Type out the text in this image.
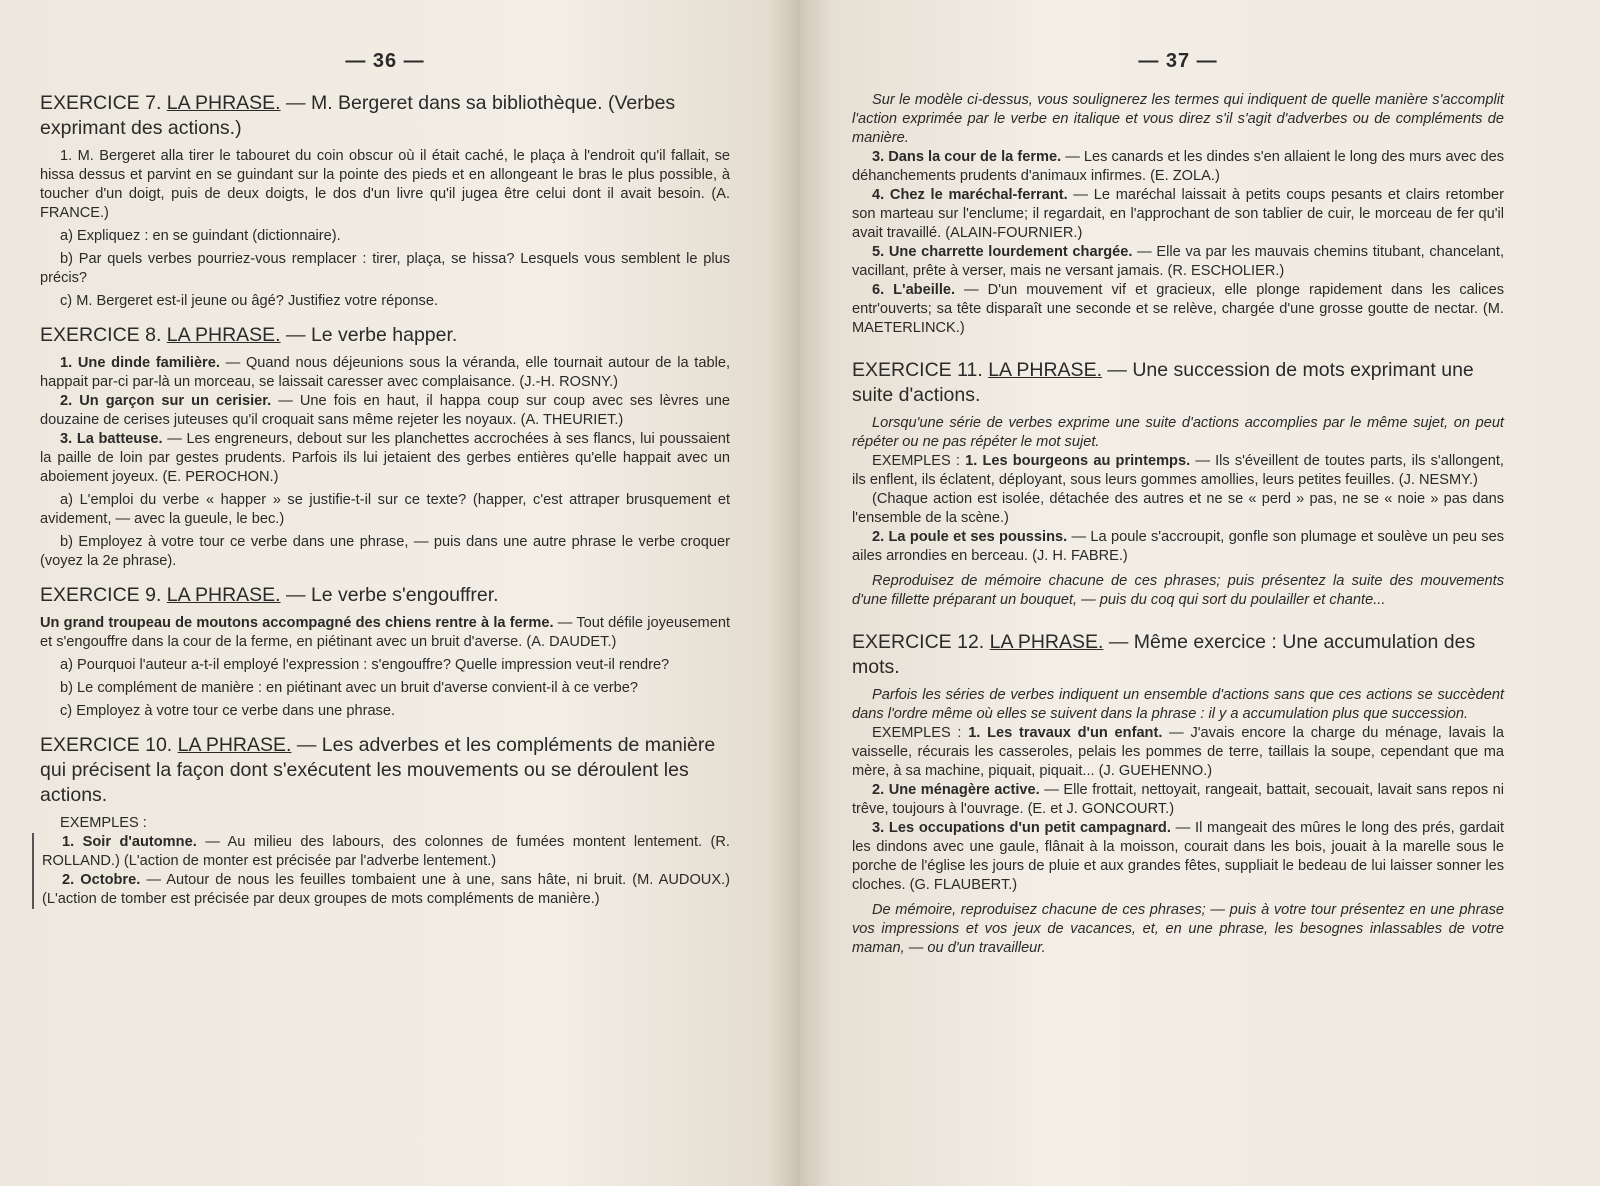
— 36 —
EXERCICE 7. LA PHRASE. — M. Bergeret dans sa bibliothèque. (Verbes exprimant des actions.)

1. M. Bergeret alla tirer le tabouret du coin obscur où il était caché, le plaça à l'endroit qu'il fallait, se hissa dessus et parvint en se guindant sur la pointe des pieds et en allongeant le bras le plus possible, à toucher d'un doigt, puis de deux doigts, le dos d'un livre qu'il jugea être celui dont il avait besoin. (A. FRANCE.)

a) Expliquez : en se guindant (dictionnaire).

b) Par quels verbes pourriez-vous remplacer : tirer, plaça, se hissa? Lesquels vous semblent le plus précis?

c) M. Bergeret est-il jeune ou âgé? Justifiez votre réponse.

EXERCICE 8. LA PHRASE. — Le verbe happer.

1. Une dinde familière. — Quand nous déjeunions sous la véranda, elle tournait autour de la table, happait par-ci par-là un morceau, se laissait caresser avec complaisance. (J.-H. ROSNY.)

2. Un garçon sur un cerisier. — Une fois en haut, il happa coup sur coup avec ses lèvres une douzaine de cerises juteuses qu'il croquait sans même rejeter les noyaux. (A. THEURIET.)

3. La batteuse. — Les engreneurs, debout sur les planchettes accrochées à ses flancs, lui poussaient la paille de loin par gestes prudents. Parfois ils lui jetaient des gerbes entières qu'elle happait avec un aboiement joyeux. (E. PEROCHON.)

a) L'emploi du verbe « happer » se justifie-t-il sur ce texte? (happer, c'est attraper brusquement et avidement, — avec la gueule, le bec.)

b) Employez à votre tour ce verbe dans une phrase, — puis dans une autre phrase le verbe croquer (voyez la 2e phrase).

EXERCICE 9. LA PHRASE. — Le verbe s'engouffrer.

Un grand troupeau de moutons accompagné des chiens rentre à la ferme. — Tout défile joyeusement et s'engouffre dans la cour de la ferme, en piétinant avec un bruit d'averse. (A. DAUDET.)

a) Pourquoi l'auteur a-t-il employé l'expression : s'engouffre? Quelle impression veut-il rendre?

b) Le complément de manière : en piétinant avec un bruit d'averse convient-il à ce verbe?

c) Employez à votre tour ce verbe dans une phrase.

EXERCICE 10. LA PHRASE. — Les adverbes et les compléments de manière qui précisent la façon dont s'exécutent les mouvements ou se déroulent les actions.

EXEMPLES :

1. Soir d'automne. — Au milieu des labours, des colonnes de fumées montent lentement. (R. ROLLAND.) (L'action de monter est précisée par l'adverbe lentement.)

2. Octobre. — Autour de nous les feuilles tombaient une à une, sans hâte, ni bruit. (M. AUDOUX.) (L'action de tomber est précisée par deux groupes de mots compléments de manière.)

— 37 —

Sur le modèle ci-dessus, vous soulignerez les termes qui indiquent de quelle manière s'accomplit l'action exprimée par le verbe en italique et vous direz s'il s'agit d'adverbes ou de compléments de manière.

3. Dans la cour de la ferme. — Les canards et les dindes s'en allaient le long des murs avec des déhanchements prudents d'animaux infirmes. (E. ZOLA.)

4. Chez le maréchal-ferrant. — Le maréchal laissait à petits coups pesants et clairs retomber son marteau sur l'enclume; il regardait, en l'approchant de son tablier de cuir, le morceau de fer qu'il avait travaillé. (ALAIN-FOURNIER.)

5. Une charrette lourdement chargée. — Elle va par les mauvais chemins titubant, chancelant, vacillant, prête à verser, mais ne versant jamais. (R. ESCHOLIER.)

6. L'abeille. — D'un mouvement vif et gracieux, elle plonge rapidement dans les calices entr'ouverts; sa tête disparaît une seconde et se relève, chargée d'une grosse goutte de nectar. (M. MAETERLINCK.)

EXERCICE 11. LA PHRASE. — Une succession de mots exprimant une suite d'actions.

Lorsqu'une série de verbes exprime une suite d'actions accomplies par le même sujet, on peut répéter ou ne pas répéter le mot sujet.

EXEMPLES : 1. Les bourgeons au printemps. — Ils s'éveillent de toutes parts, ils s'allongent, ils enflent, ils éclatent, déployant, sous leurs gommes amollies, leurs petites feuilles. (J. NESMY.)

(Chaque action est isolée, détachée des autres et ne se « perd » pas, ne se « noie » pas dans l'ensemble de la scène.)

2. La poule et ses poussins. — La poule s'accroupit, gonfle son plumage et soulève un peu ses ailes arrondies en berceau. (J. H. FABRE.)

Reproduisez de mémoire chacune de ces phrases; puis présentez la suite des mouvements d'une fillette préparant un bouquet, — puis du coq qui sort du poulailler et chante...

EXERCICE 12. LA PHRASE. — Même exercice : Une accumulation des mots.

Parfois les séries de verbes indiquent un ensemble d'actions sans que ces actions se succèdent dans l'ordre même où elles se suivent dans la phrase : il y a accumulation plus que succession.

EXEMPLES : 1. Les travaux d'un enfant. — J'avais encore la charge du ménage, lavais la vaisselle, récurais les casseroles, pelais les pommes de terre, taillais la soupe, cependant que ma mère, à sa machine, piquait, piquait... (J. GUEHENNO.)

2. Une ménagère active. — Elle frottait, nettoyait, rangeait, battait, secouait, lavait sans repos ni trêve, toujours à l'ouvrage. (E. et J. GONCOURT.)

3. Les occupations d'un petit campagnard. — Il mangeait des mûres le long des prés, gardait les dindons avec une gaule, flânait à la moisson, courait dans les bois, jouait à la marelle sous le porche de l'église les jours de pluie et aux grandes fêtes, suppliait le bedeau de lui laisser sonner les cloches. (G. FLAUBERT.)

De mémoire, reproduisez chacune de ces phrases; — puis à votre tour présentez en une phrase vos impressions et vos jeux de vacances, et, en une phrase, les besognes inlassables de votre maman, — ou d'un travailleur.
